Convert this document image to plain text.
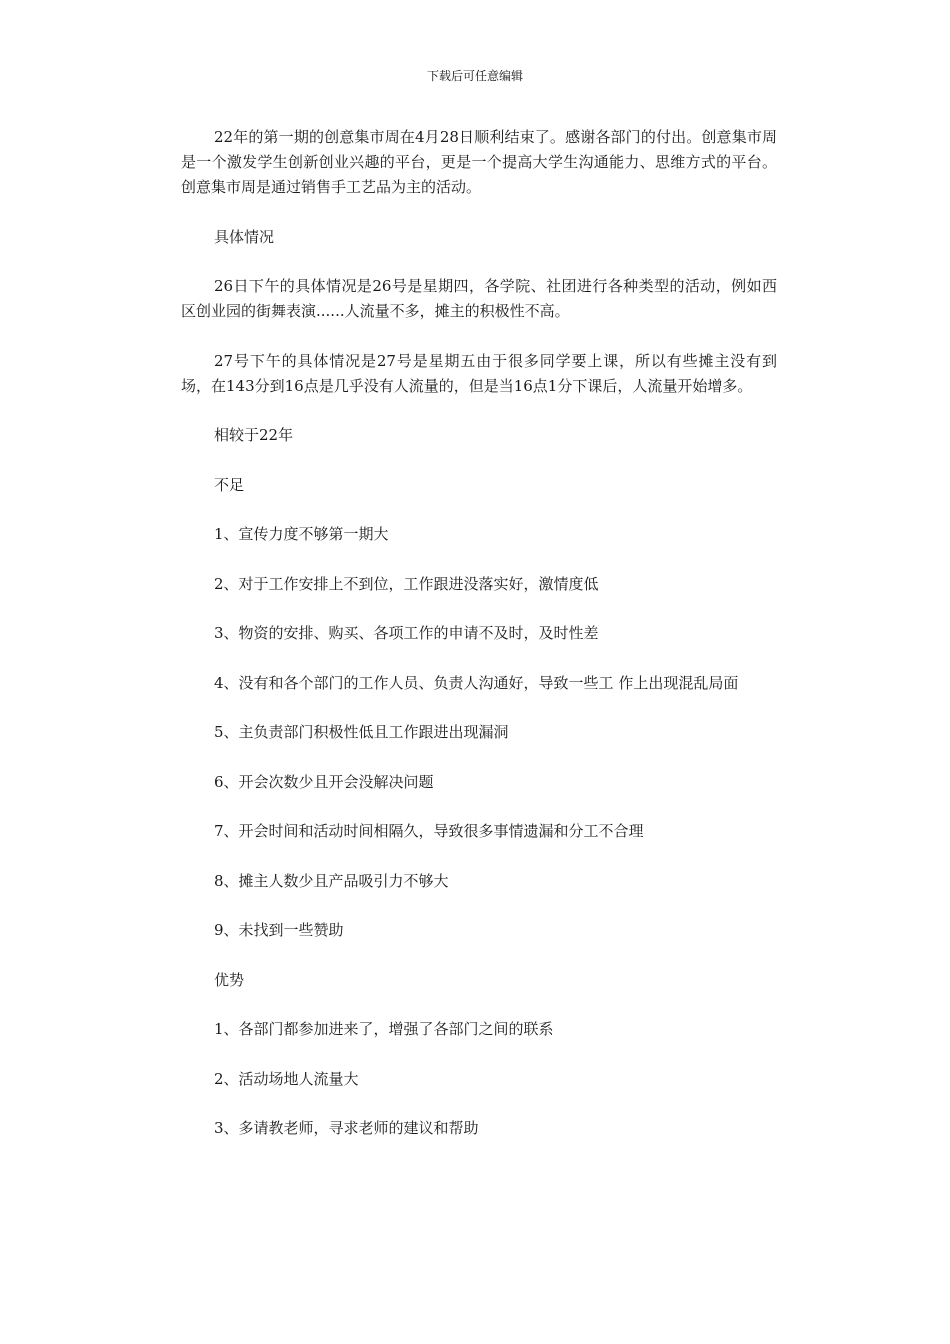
下载后可任意编辑

22年的第一期的创意集市周在4月28日顺利结束了。感谢各部门的付出。创意集市周是一个激发学生创新创业兴趣的平台，更是一个提高大学生沟通能力、思维方式的平台。创意集市周是通过销售手工艺品为主的活动。

具体情况

26日下午的具体情况是26号是星期四，各学院、社团进行各种类型的活动，例如西区创业园的街舞表演......人流量不多，摊主的积极性不高。

27号下午的具体情况是27号是星期五由于很多同学要上课，所以有些摊主没有到场，在143分到16点是几乎没有人流量的，但是当16点1分下课后，人流量开始增多。

相较于22年

不足

1、宣传力度不够第一期大

2、对于工作安排上不到位，工作跟进没落实好，激情度低

3、物资的安排、购买、各项工作的申请不及时，及时性差

4、没有和各个部门的工作人员、负责人沟通好，导致一些工 作上出现混乱局面

5、主负责部门积极性低且工作跟进出现漏洞

6、开会次数少且开会没解决问题

7、开会时间和活动时间相隔久，导致很多事情遗漏和分工不合理

8、摊主人数少且产品吸引力不够大

9、未找到一些赞助

优势

1、各部门都参加进来了，增强了各部门之间的联系

2、活动场地人流量大

3、多请教老师，寻求老师的建议和帮助
